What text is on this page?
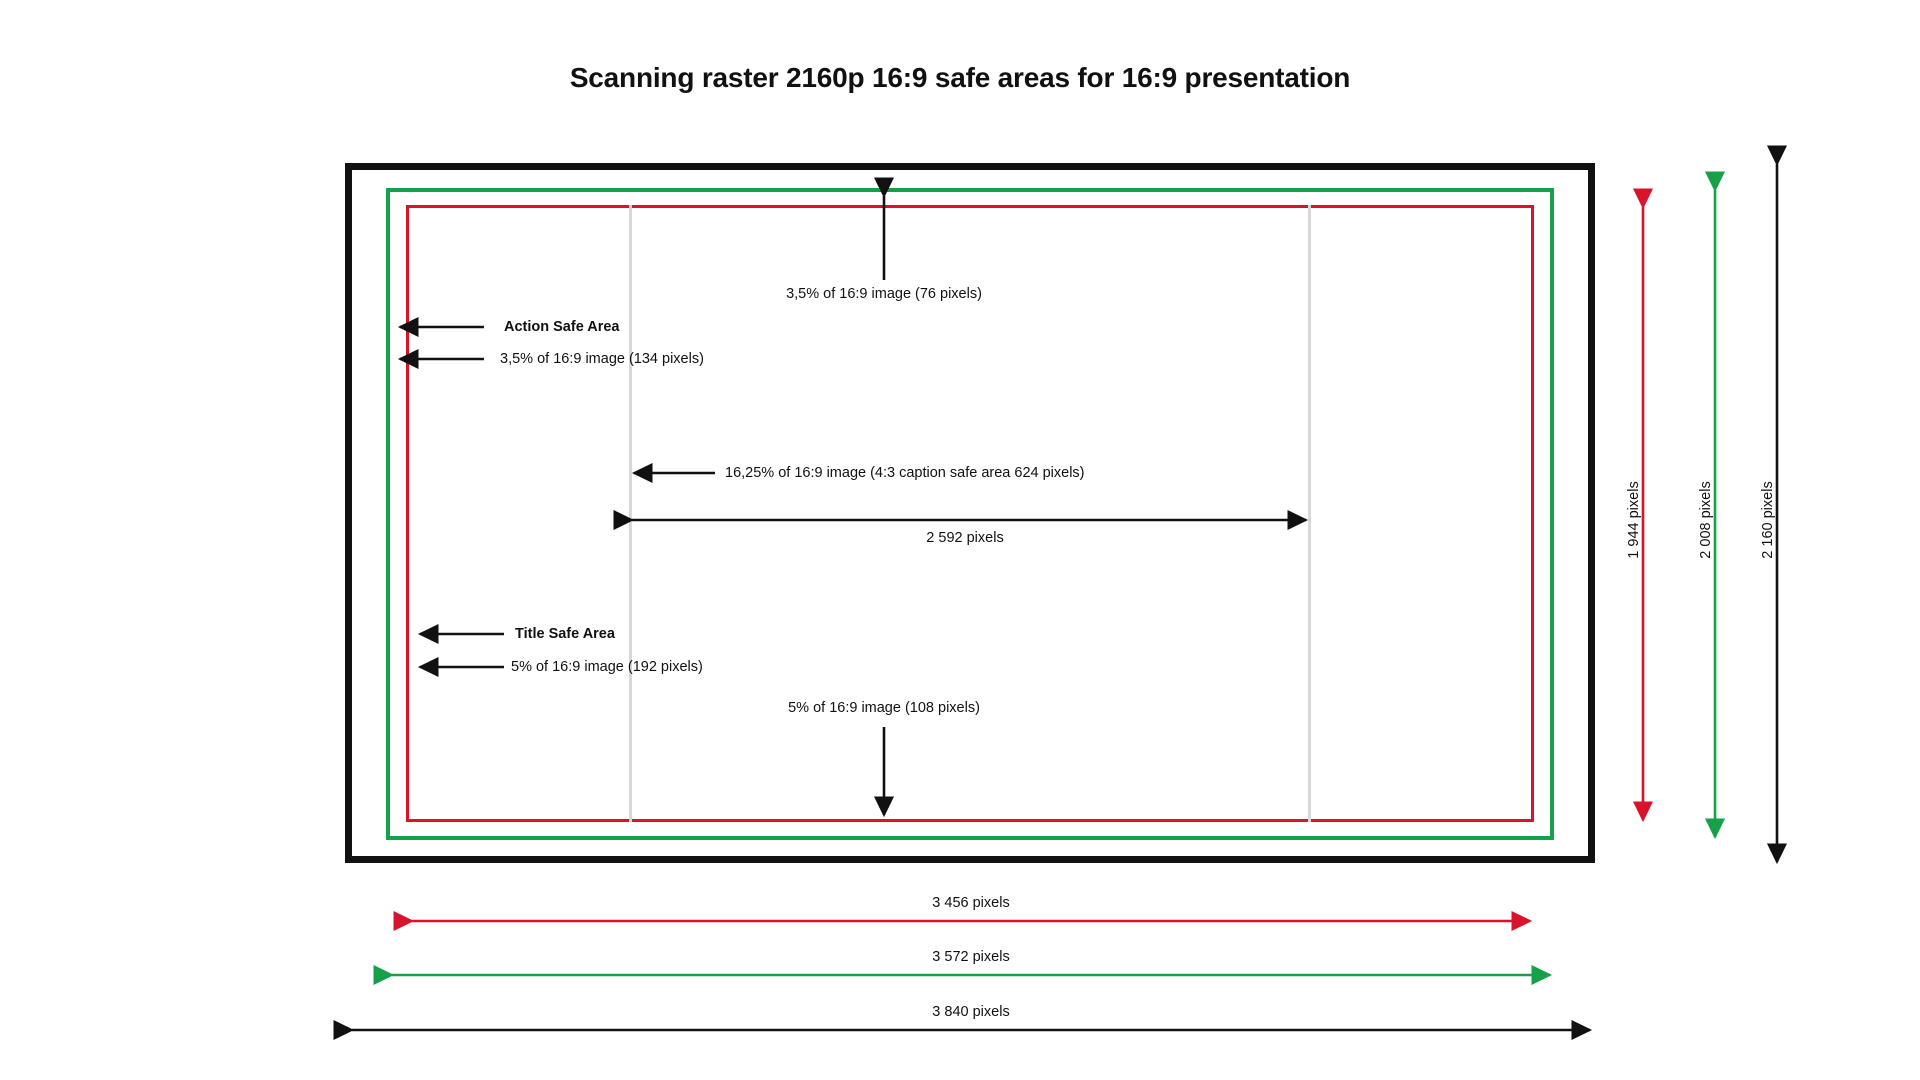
Scanning raster 2160p 16:9 safe areas for 16:9 presentation
3,5% of 16:9 image (76 pixels)
Action Safe Area
3,5% of 16:9 image (134 pixels)
16,25% of 16:9 image (4:3 caption safe area 624 pixels)
2 592 pixels
Title Safe Area
5% of 16:9 image (192 pixels)
5% of 16:9 image (108 pixels)
1 944 pixels	2 008 pixels	2 160 pixels
3 456 pixels
3 572 pixels
3 840 pixels
